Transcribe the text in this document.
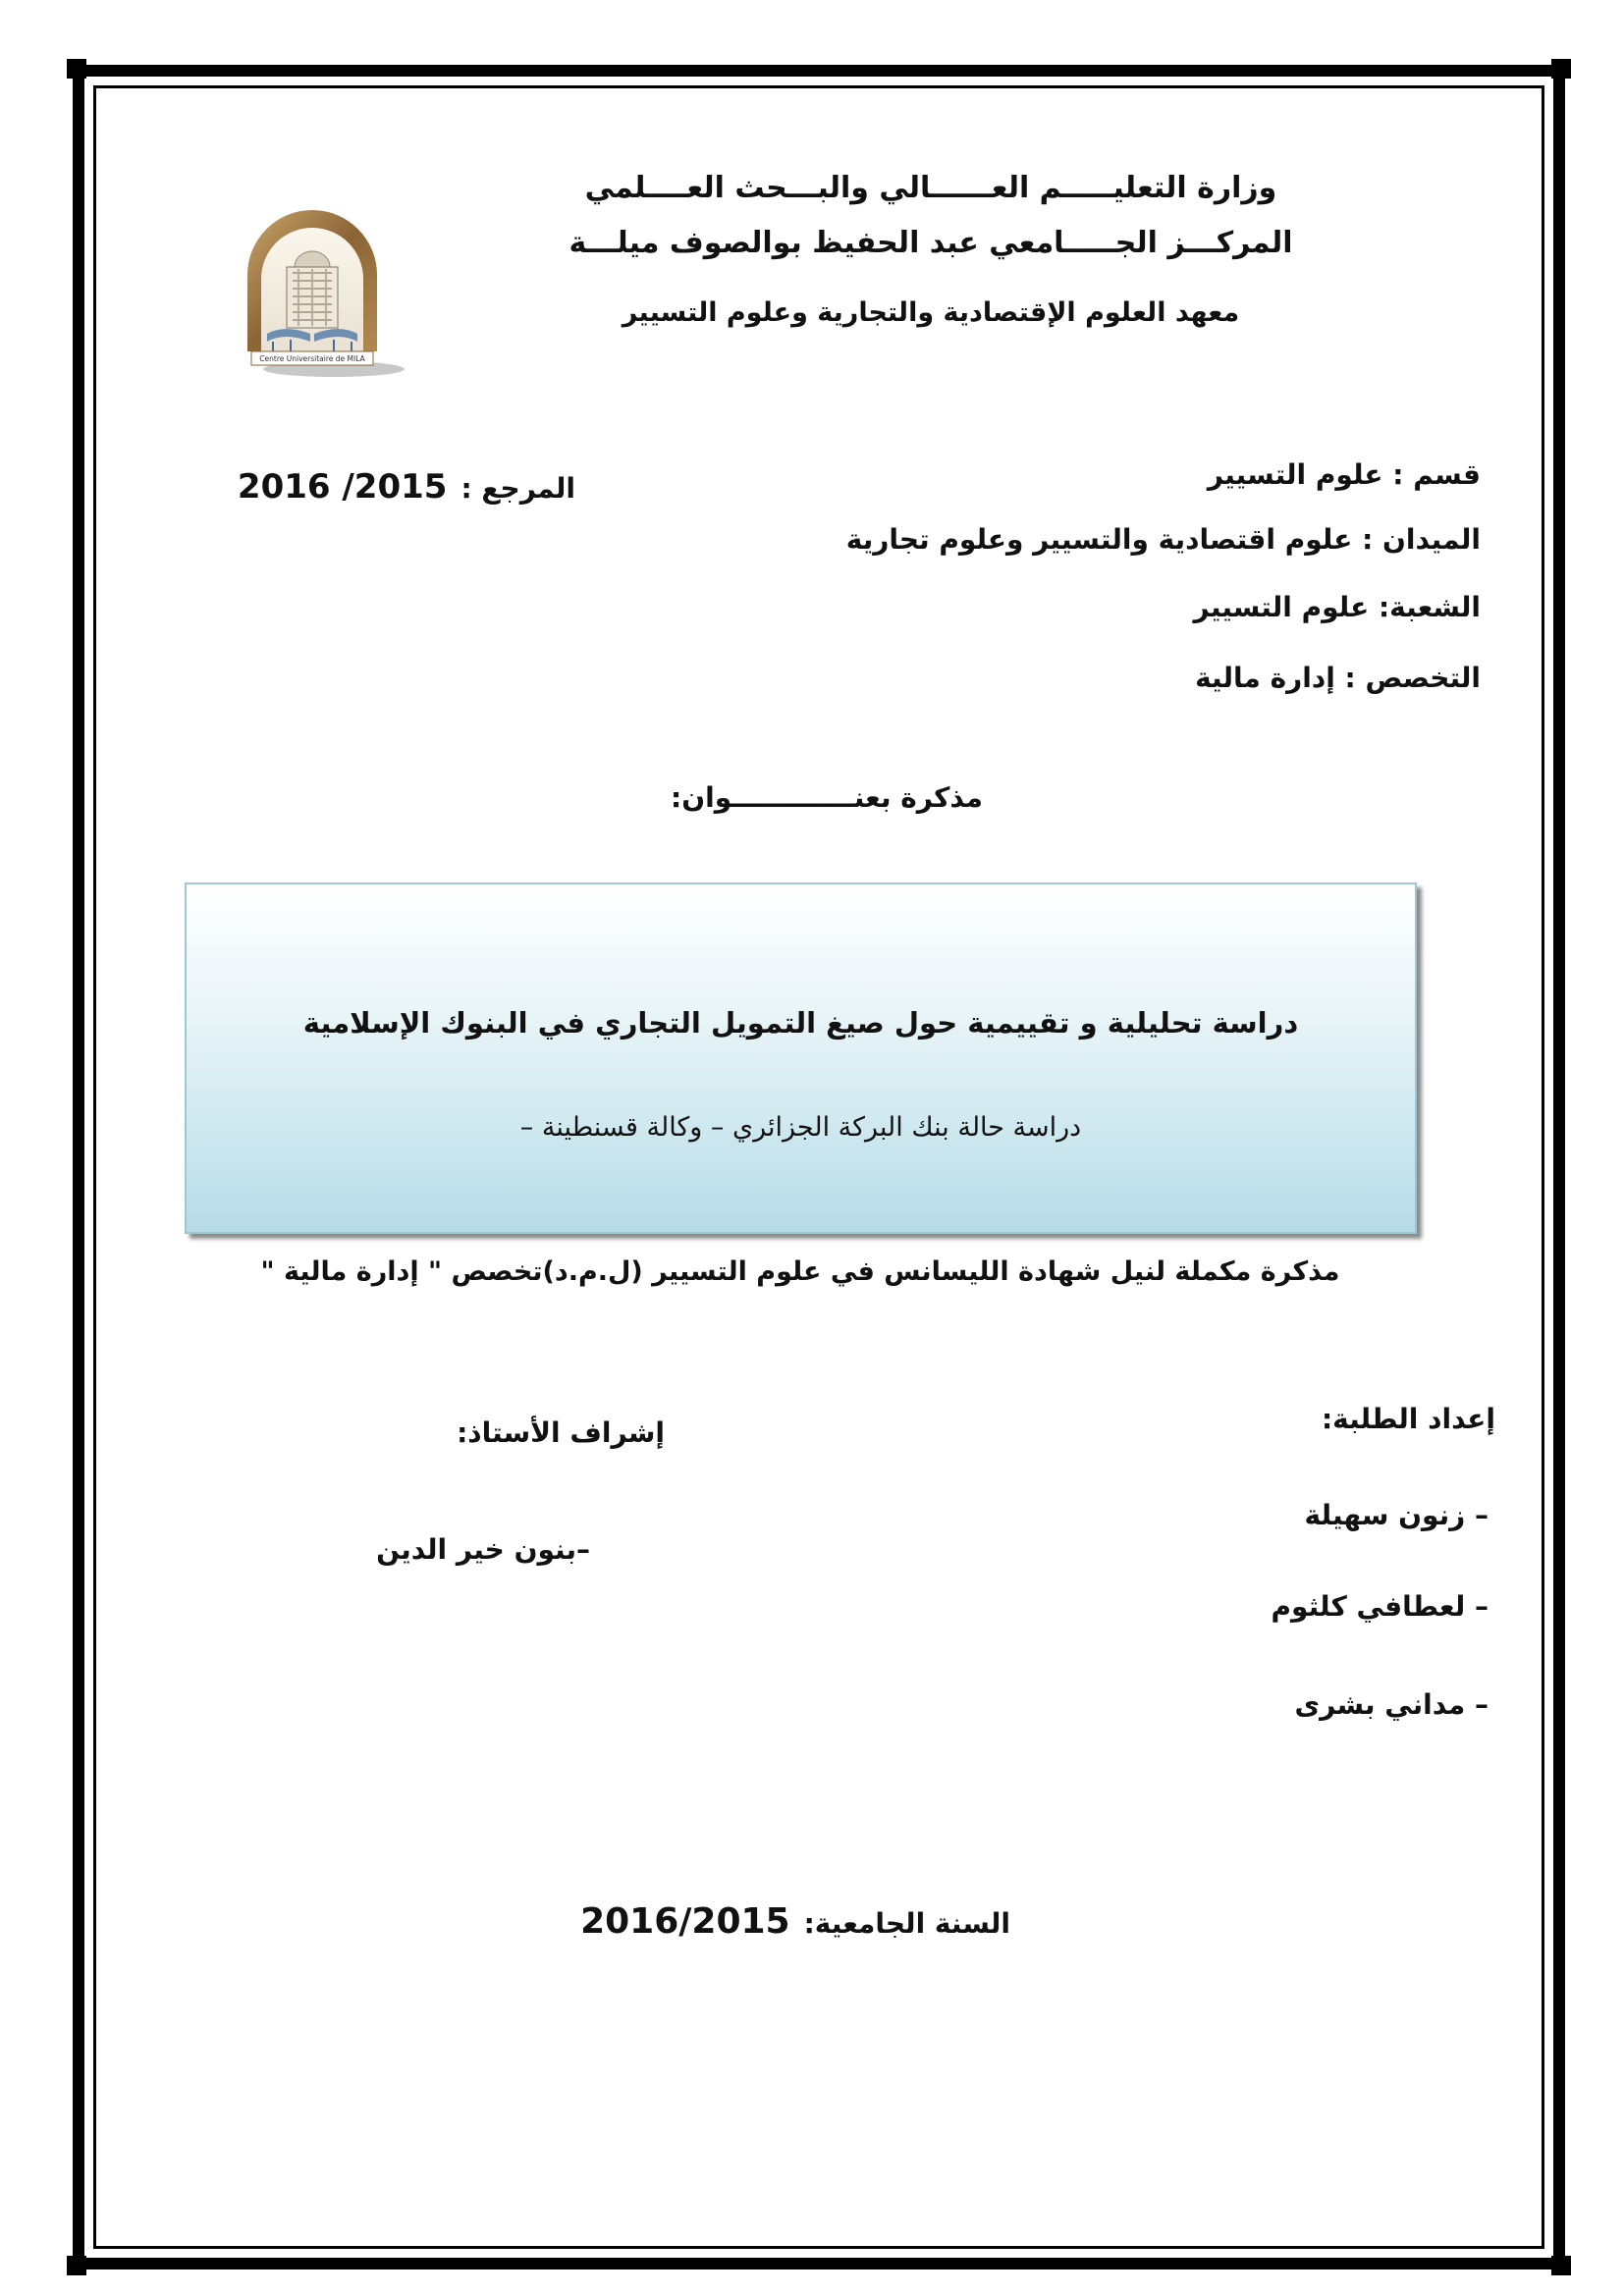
وزارة التعليـــــم العــــــالي والبـــحث العــــلمي
المركـــز الجـــــامعي عبد الحفيظ بوالصوف ميلـــة
معهد العلوم الإقتصادية والتجارية وعلوم التسيير
Centre Universitaire de MILA
قسم : علوم التسيير
المرجع :2016 /2015
الميدان : علوم اقتصادية والتسيير وعلوم تجارية
الشعبة: علوم التسيير
التخصص : إدارة مالية
مذكرة بعنـــــــــــــوان:
دراسة تحليلية و تقييمية حول صيغ التمويل التجاري في البنوك الإسلامية
دراسة حالة بنك البركة الجزائري – وكالة قسنطينة –
مذكرة مكملة لنيل شهادة الليسانس في علوم التسيير (ل.م.د)تخصص " إدارة مالية "
إعداد الطلبة:
– زنون سهيلة
– لعطافي كلثوم
– مداني بشرى
إشراف الأستاذ:
–بنون خير الدين
السنة الجامعية:2016/2015
